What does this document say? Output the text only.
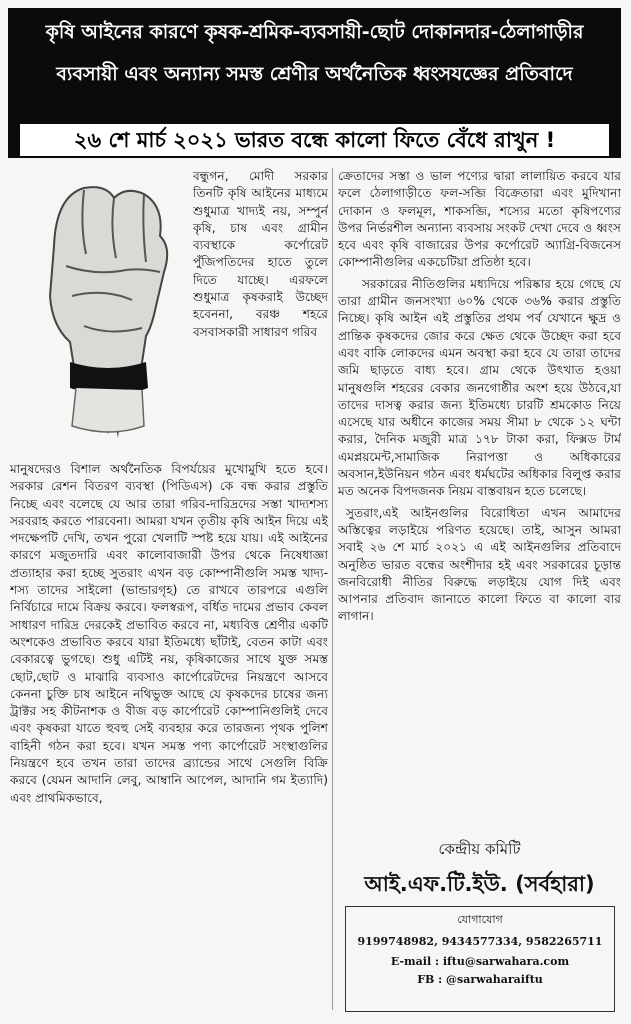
কৃষি আইনের কারণে কৃষক-শ্রমিক-ব্যবসায়ী-ছোট দোকানদার-ঠেলাগাড়ীর
ব্যবসায়ী এবং অন্যান্য সমস্ত শ্রেণীর অর্থনৈতিক ধ্বংসযজ্ঞের প্রতিবাদে
২৬ শে মার্চ ২০২১ ভারত বন্ধে কালো ফিতে বেঁধে রাখুন !

বন্ধুগন, মোদী সরকার তিনটি কৃষি আইনের মাধ্যমে শুধুমাত্র খাদ্যই নয়, সম্পুর্ন কৃষি, চাষ এবং গ্রামীন ব্যবস্থাকে কর্পোরেট পুঁজিপতিদের হাতে তুলে দিতে যাচ্ছে। এরফলে শুধুমাত্র কৃষকরাই উচ্ছেদ হবেননা, বরঞ্চ শহরে বসবাসকারী সাধারণ গরিব

মানুষদেরও বিশাল অর্থনৈতিক বিপর্যয়ের মুখোমুখি হতে হবে। সরকার রেশন বিতরণ ব্যবস্থা (পিডিএস) কে বন্ধ করার প্রস্তুতি নিচ্ছে এবং বলেছে যে আর তারা গরিব-দারিদ্রদের সস্তা খাদ্যশস্য সরবরাহ করতে পারবেনা। আমরা যখন তৃতীয় কৃষি আইন দিয়ে এই পদক্ষেপটি দেখি, তখন পুরো খেলাটি স্পষ্ট হয়ে যায়। এই আইনের কারণে মজুতদারি এবং কালোবাজারী উপর থেকে নিষেধাজ্ঞা প্রত্যাহার করা হচ্ছে সুতরাং এখন বড় কোম্পানীগুলি সমস্ত খাদ্য-শস্য তাদের সাইলো (ভান্ডারগৃহ) তে রাখবে তারপরে এগুলি নির্বিচারে দামে বিক্রয় করবে। ফলস্বরূপ, বর্ধিত দামের প্রভাব কেবল সাধারণ দারিদ্র দেরকেই প্রভাবিত করবে না, মধ্যবিত্ত শ্রেণীর একটি অংশকেও প্রভাবিত করবে যারা ইতিমধ্যে ছাঁটাই, বেতন কাটা এবং বেকারত্বে ভুগছে। শুধু এটিই নয়, কৃষিকাজের সাথে যুক্ত সমস্ত ছোট,ছোট ও মাঝারি ব্যবসাও কার্পোরেটদের নিয়ন্ত্রণে আসবে কেননা চুক্তি চাষ আইনে নথিভুক্ত আছে যে কৃষকদের চাষের জন্য ট্রাক্টর সহ কীটনাশক ও বীজ বড় কার্পোরেট কোম্পানিগুলিই দেবে এবং কৃষকরা যাতে হুবহু সেই ব্যবহার করে তারজন্য পৃথক পুলিশ বাহিনী গঠন করা হবে। যখন সমস্ত পণ্য কার্পোরেট সংস্থাগুলির নিয়ন্ত্রণে হবে তখন তারা তাদের ব্র্যান্ডের সাথে সেগুলি বিক্রি করবে (যেমন আদানি লেবু, আম্বানি আপেল, আদানি গম ইত্যাদি) এবং প্রাথমিকভাবে,

ক্রেতাদের সস্তা ও ভাল পণ্যের দ্বারা লালায়িত করবে যার ফলে ঠেলাগাড়ীতে ফল-সব্জি বিক্রেতারা এবং মুদিখানা দোকান ও ফলমূল, শাকসব্জি, শস্যের মতো কৃষিপণ্যের উপর নির্ভরশীল অন্যান্য ব্যবসায় সংকট দেখা দেবে ও ধ্বংস হবে এবং কৃষি বাজারের উপর কর্পোরেট অ্যাগ্রি-বিজনেস কোম্পানীগুলির একচেটিয়া প্রতিষ্ঠা হবে।

সরকারের নীতিগুলির মধ্যদিয়ে পরিষ্কার হয়ে গেছে যে তারা গ্রামীন জনসংখ্যা ৬০% থেকে ৩৬% করার প্রস্তুতি নিচ্ছে। কৃষি আইন এই প্রস্তুতির প্রথম পর্ব যেখানে ক্ষুদ্র ও প্রান্তিক কৃষকদের জোর করে ক্ষেত থেকে উচ্ছেদ করা হবে এবং বাকি লোকদের এমন অবস্থা করা হবে যে তারা তাদের জমি ছাড়তে বাধ্য হবে। গ্রাম থেকে উৎখাত হওয়া মানুষগুলি শহরের বেকার জনগোষ্ঠীর অংশ হয়ে উঠবে,যা তাদের দাসত্ব করার জন্য ইতিমধ্যে চারটি শ্রমকোড নিয়ে এসেছে যার অধীনে কাজের সময় সীমা ৮ থেকে ১২ ঘন্টা করার, দৈনিক মজুরী মাত্র ১৭৮ টাকা করা, ফিক্সড টার্ম এমপ্লয়মেন্ট,সামাজিক নিরাপত্তা ও অধিকারের অবসান,ইউনিয়ন গঠন এবং ধর্মঘটের অধিকার বিলুপ্ত করার মত অনেক বিপদজনক নিয়ম বাস্তবায়ন হতে চলেছে।

সুতরাং,এই আইনগুলির বিরোধিতা এখন আমাদের অস্তিত্বের লড়াইয়ে পরিণত হয়েছে। তাই, আসুন আমরা সবাই ২৬ শে মার্চ ২০২১ এ এই আইনগুলির প্রতিবাদে অনুষ্ঠিত ভারত বন্ধের অংশীদার হই এবং সরকারের চূড়ান্ত জনবিরোধী নীতির বিরুদ্ধে লড়াইয়ে যোগ দিই এবং আপনার প্রতিবাদ জানাতে কালো ফিতে বা কালো বার লাগান।

কেন্দ্রীয় কমিটি
আই.এফ.টি.ইউ. (সর্বহারা)
যোগাযোগ
9199748982, 9434577334, 9582265711
E-mail : iftu@sarwahara.com
FB : @sarwaharaiftu
